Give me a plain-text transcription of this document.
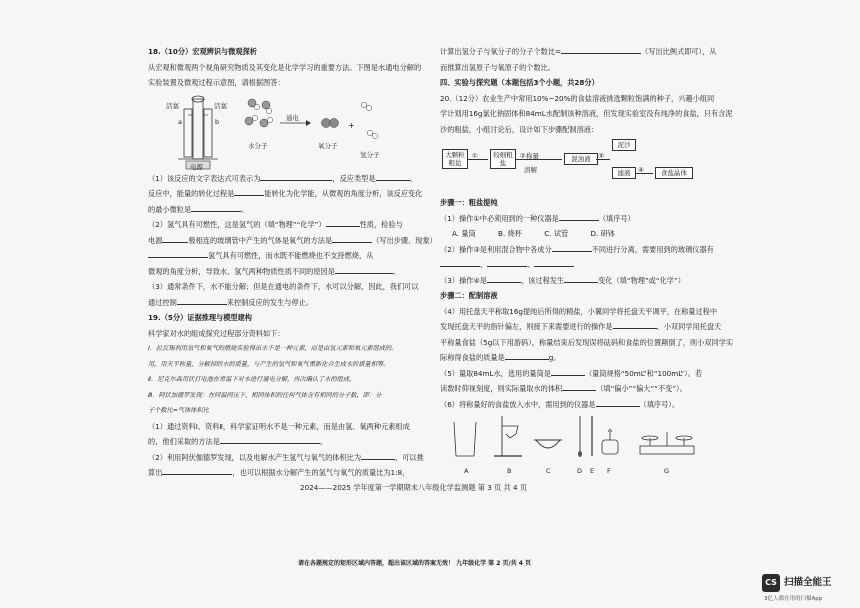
18.（10分）宏观辨识与微观探析

从宏观和微观两个视角研究物质及其变化是化学学习的重要方法。下图是水通电分解的

实验装置及微观过程示意图，请根据图答：

活塞	活塞
a	b
电源
通电
水分子	氧分子
+
氢分子

（1）该反应的文字表达式可表示为	，反应类型是	。

反应中，能量的转化过程是	能转化为化学能，从微观的角度分析，该反应变化

的最小微粒是	。

（2）氢气具有可燃性，这是氢气的（填“物理”“化学”）	性质，检验与

电源	极相连的玻璃管中产生的气体是氧气的方法是	（写出步骤、现象）

氢气具有可燃性，而水既不能燃烧也不支持燃烧，从

微观的角度分析，导致水、氢气两种物质性质不同的原因是	。

（3）通常条件下，水不能分解；但是在通电的条件下，水可以分解，因此，我们可以

通过控制	来控制反应的发生与停止。

19.（5分）证据推理与模型建构

科学家对水的组成探究过程部分资料如下：

Ⅰ．拉瓦锡利用氢气和氧气的燃烧实验得出水不是一种元素，而是由氢元素和氧元素组成的。

用，用天平称量，分解掉的水的质量，与产生的氢气和氧气重新化合生成水的质量相等。

Ⅱ．尼克尔森用伏打电池在常温下对水进行通电分解，再次确认了水的组成。

Ⅲ．阿伏加德罗发现：在同温同压下，相同体积的任何气体含有相同的分子数，即：分

子个数比=气体体积比

（1）通过资料Ⅰ、资料Ⅱ，科学家证明水不是一种元素，而是由氢、氧两种元素组成

的，他们采取的方法是	。

（2）利用阿伏伽德罗发现，以及电解水产生氢气与氧气的体积比为	，可以推

算出	，也可以根据水分解产生的氢气与氧气的质量比为1:8，

计算出氢分子与氧分子的分子个数比=	（写出比例式即可），从

而推算出氢原子与氧原子的个数比。

四、实验与探究题（本题包括3个小题，共28分）

20.（12分）农业生产中常用10%~20%的食盐溶液挑选颗粒饱满的种子，兴趣小组同

学计划用16g氯化钠固体和84mL水配制该种溶液，但发现实验室没有纯净的食盐，只有含泥

沙的粗盐，小组讨论后，设计如下步骤配制溶液：

大颗粒粗盐
①	较细粗盐
②称量
溶解
混浊液	③
泥沙
滤液	④	食盐晶体

步骤一：粗盐提纯

（1）操作①中必须用到的一种仪器是	（填序号）

A. 量筒	B. 烧杯	C. 试管	D. 研钵

（2）操作③是利用混合物中各成分	不同进行分离，需要用到的玻璃仪器有

、	、

（3）操作④是	，该过程发生	变化（填“物理”或“化学”）

步骤二：配制溶液

（4）用托盘天平称取16g提纯后所得的精盐，小翼同学将托盘天平调平，在称量过程中

发现托盘天平的指针偏左，则接下来需要进行的操作是	。小双同学用托盘天

平称量食盐（5g以下用游码），称量结束后发现误将砝码和食盐的位置颠倒了，则小双同学实

际称得食盐的质量是	g。

（5）量取84mL水，选用的量筒是	（量筒规格“50mL”和“100mL”）。若

读数时仰视刻度，则实际量取水的体积	（填“偏小”“偏大”“不变”）。

（6）将称量好的食盐放入水中，需用到的仪器是	（填序号）。

A	B	C	D E F	G
2024——2025 学年度第一学期期末八年级化学监测题 第 3 页 共 4 页
请在各题规定的矩形区域内答题，超出该区域的答案无效！ 九年级化学 第 2 页/共 4 页
CS 扫描全能王
3亿人都在用的扫描App
